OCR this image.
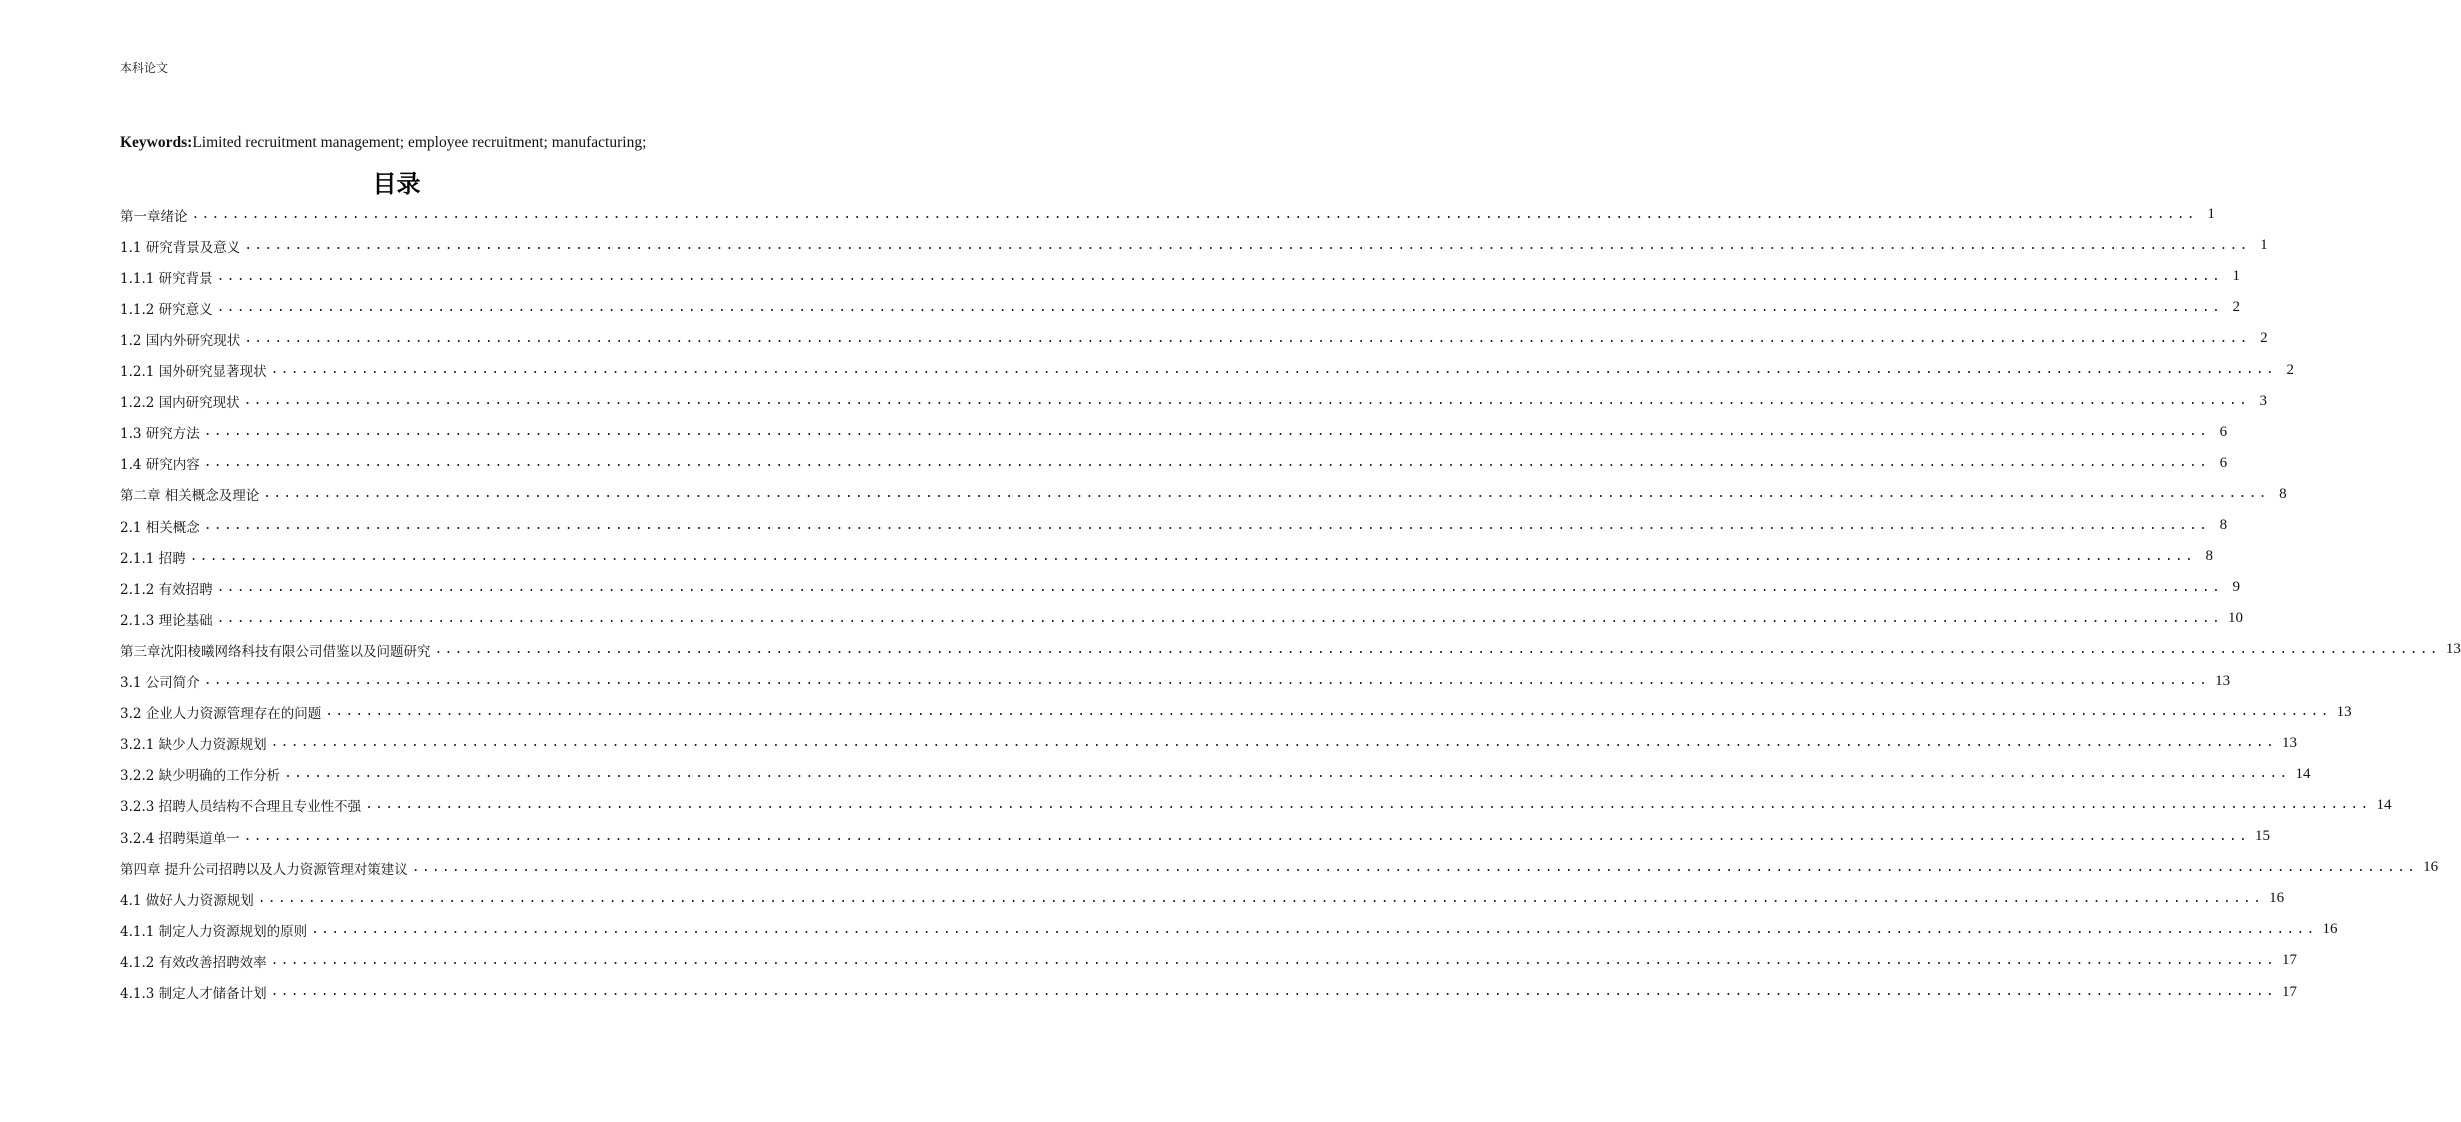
本科论文
Keywords:Limited recruitment management; employee recruitment; manufacturing;
目录
第一章绪论 ........................................................................................................................................................................................................ 1
1.1 研究背景及意义 ........................................................................................................................................................................................................ 1
1.1.1 研究背景 ........................................................................................................................................................................................................ 1
1.1.2 研究意义 ........................................................................................................................................................................................................ 2
1.2 国内外研究现状 ........................................................................................................................................................................................................ 2
1.2.1 国外研究显著现状 ........................................................................................................................................................................................................ 2
1.2.2 国内研究现状 ........................................................................................................................................................................................................ 3
1.3 研究方法 ........................................................................................................................................................................................................ 6
1.4 研究内容 ........................................................................................................................................................................................................ 6
第二章 相关概念及理论 ........................................................................................................................................................................................................ 8
2.1 相关概念 ........................................................................................................................................................................................................ 8
2.1.1 招聘 ........................................................................................................................................................................................................ 8
2.1.2 有效招聘 ........................................................................................................................................................................................................ 9
2.1.3 理论基础 ........................................................................................................................................................................................................ 10
第三章沈阳棱曦网络科技有限公司借鉴以及问题研究 ........................................................................................................................................................................................................ 13
3.1 公司简介 ........................................................................................................................................................................................................ 13
3.2 企业人力资源管理存在的问题 ........................................................................................................................................................................................................ 13
3.2.1 缺少人力资源规划 ........................................................................................................................................................................................................ 13
3.2.2 缺少明确的工作分析 ........................................................................................................................................................................................................ 14
3.2.3 招聘人员结构不合理且专业性不强 ........................................................................................................................................................................................................ 14
3.2.4 招聘渠道单一 ........................................................................................................................................................................................................ 15
第四章 提升公司招聘以及人力资源管理对策建议 ........................................................................................................................................................................................................ 16
4.1 做好人力资源规划 ........................................................................................................................................................................................................ 16
4.1.1 制定人力资源规划的原则 ........................................................................................................................................................................................................ 16
4.1.2 有效改善招聘效率 ........................................................................................................................................................................................................ 17
4.1.3 制定人才储备计划 ........................................................................................................................................................................................................ 17
